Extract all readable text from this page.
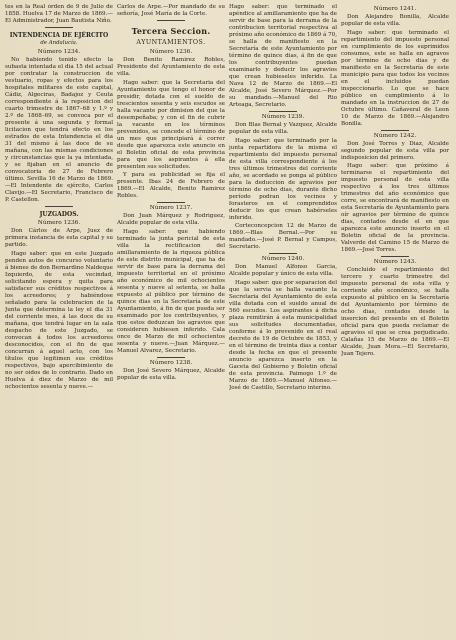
tes en la Real órden de 9 de Julio de 1858. Huelva 17 de Marzo de 1869.—El Administrador, Juan Bautista Niño.

INTENDENCIA DE EJÉRCITO
de Andalucía.
Número 1234.

No habiendo tenido efecto la subasta intentada el dia 15 del actual por contratar la construccion de vestuario, ropas y efectos para los hospitales militares de este capital, Cádiz, Algeciras, Badajoz y Ceuta correspondiente á la reposicion del cuarto trimestre de 1867–68 y 1.º y 2.º de 1868–69, se convoca por el presente á una segunda y formal licitacion que tendrá efecto en los estrados de esta Intendencia el dia 31 del mismo á las doce de su mañana, con las mismas condiciones y circunstancias que la ya intentada, y se fijaban en el anuncio de convocatoria de 27 de Febrero último. Sevilla 16 de Marzo de 1869.—El Intendente de ejército, Carlos Clavijo.—El Secretario, Francisco de P. Castellon.

JUZGADOS.
Número 1236.

Don Cárlos de Arpe, Juez de primera instancia de esta capital y su partido.

Hago saber: que en este Juzgado penden autos de concurso voluntario á bienes de don Bernardino Naldeque Izquierdo, de esta vecindad, solicitando espera y quita para satisfacer sus créditos respectivos á los acreedores; y habiéndose señalado para la celebracion de la Junta que determina la ley el dia 31 del corriente mes, á las doce de su mañana, que tendrá lugar en la sala despacho de este Juzgado, se convocan á todos los acreedores desconocidos, con el fin de que concurran á aquel acto, con los títulos que legitimen sus créditos respectivos, bajo apercibimiento de no ser oidos de lo contrario. Dado en Huelva á diez de Marzo de mil ochocientos sesenta y nueve.—

Cárlos de Arpe.—Por mandado de su señoría, José María de la Corte.

Tercera Seccion.
AYUNTAMIENTOS.
Número 1236.

Don Benito Ramirez Robles, Presidente del Ayuntamiento de esta villa.

Hago saber: que la Secretaria del Ayuntamiento que tengo el honor de presidir, dotada con el sueldo de trescientos sesenta y seis escudos se halla vacante por dimision del que la desempeñaba; y con el fin de cubrir la vacante en los términos prevenidos, se concede el término de un mes que principiará á correr desde que aparezca este anuncio en el Boletin oficial de esta provincia para que los aspirantes á ella presenten sus solicitudes.

Y para su publicidad se fija el presente. Ibas 24 de Febrero de 1869.—El Alcalde, Benito Ramirez Robles.

Número 1237.

Don Juan Márquez y Rodriguez, Alcalde popular de esta villa.

Hago saber: que habiendo terminado la junta pericial de esta villa la rectificacion del amillaramiento de la riqueza pública de este distrito municipal, que ha de servir de base para la derrama del impuesto territorial en el próximo año económico de mil ochocientos sesenta y nueve al setenta, se halla expuesto al público por término de quince dias en la Secretaría de este Ayuntamiento, á fin de que pueda ser examinado por los contribuyentes, y que estos deduzcan los agravios que consideren hubiesen inferido. Cala once de Marzo de mil ochocientos sesenta y nueve.—Juan Márquez.—Manuel Alvarez, Secretario.

Número 1238.

Don José Severo Márquez, Alcalde popular de esta villa.

Hago saber: que terminado el apéndice al amillaramiento que ha de servir de base para la derrama de la contribucion territorial respectiva al próximo año económico de 1869 á 70, se halla de manifiesto en la Secretaría de este Ayuntamiento por término de quince dias, á fin de que los contribuyentes puedan examinarlo y deducir los agravios que crean hubieseles inferido. La Nava 12 de Marzo de 1869.—El Alcalde, José Severo Márquez.—Por su mandado.—Manuel del Rio Arteaga, Secretario.

Número 1239.

Don Blas Bernal y Vazquez, Alcalde popular de esta villa.

Hago saber: que terminado por la junta repartidora de la misma el repartimiento del impuesto personal de esta villa correspondiente á los tres últimos trimestres del corriente año, se acordado se ponga al público para la deduccion de agravios por término de ocho dias, durante dicho período podran los vecinos y forasteros en el comprendidos deducir los que crean habérseles inferido.

Corteconcepcion 12 de Marzo de 1869.—Blas Bernal.—Por su mandado.—José P. Bernal y Campos, Secretario.

Número 1240.

Don Manuel Alfonso Garcia, Alcalde popular y único de esta villa.

Hago saber: que por separacion del que la servia se halla vacante la Secretaria del Ayuntamiento de esta villa dotada con el sueldo anual de 560 escudos. Los aspirantes á dicha plaza remitirán á esta municipalidad sus solicitudes documentadas, conforme á lo prevenido en el real decreto de 19 de Octubre de 1853, y en el término de treinta dias a contar desde la fecha en que el presente anuncio aparezca inserto en la Gaceta del Gobierno y Boletin oficial de esta provincia. Paimogo 1.º de Marzo de 1869.—Manuel Alfonso.—José de Castillo, Secretario interino.

Número 1241.

Don Alejandro Bonilla, Alcalde popular de esta villa.

Hago saber: que terminado el repartimiento del impuesto personal en cumplimiento de los suprimidos consumos, este se halla en agravos por término de ocho dias y de manifiesto en la Secretaría de este municipio para que todos los vecinos en el incluidos puedan inspeccionarlo. Lo que se hace público en cumplimiento á lo mandado en la instruccion de 27 de Octubre último. Cañaveral de Leon 10 de Marzo de 1869.—Alejandro Bonilla.

Número 1242.

Don José Torres y Diaz, Alcalde segundo popular de esta villa por indisposicion del primero.

Hago saber: que próximo á terminarse el repartimiento del impuesto personal de esta villa respectivo á los tres últimos trimestres del año económico que corre, se encontrará de manifiesto en esta Secretaría de Ayuntamiento para oír agravios por término de quince dias, contados desde el en que aparezca este anuncio inserto en el Boletin oficial de la provincia. Valverde del Camino 15 de Marzo de 1869.—José Torres.

Número 1243.

Concluido el repartimiento del tercero y cuarto trimestre del impuesto personal de esta villa y corriente año económico, se halla expuesto al público en la Secretaría del Ayuntamiento por término de ocho dias, contados desde la insercion del presente en el Boletin oficial para que pueda reclamar de agravios el que se crea perjudicado. Calañas 15 de Marzo de 1869.—El Alcalde, Juan Mora.—El Secretario, Juan Tejero.
